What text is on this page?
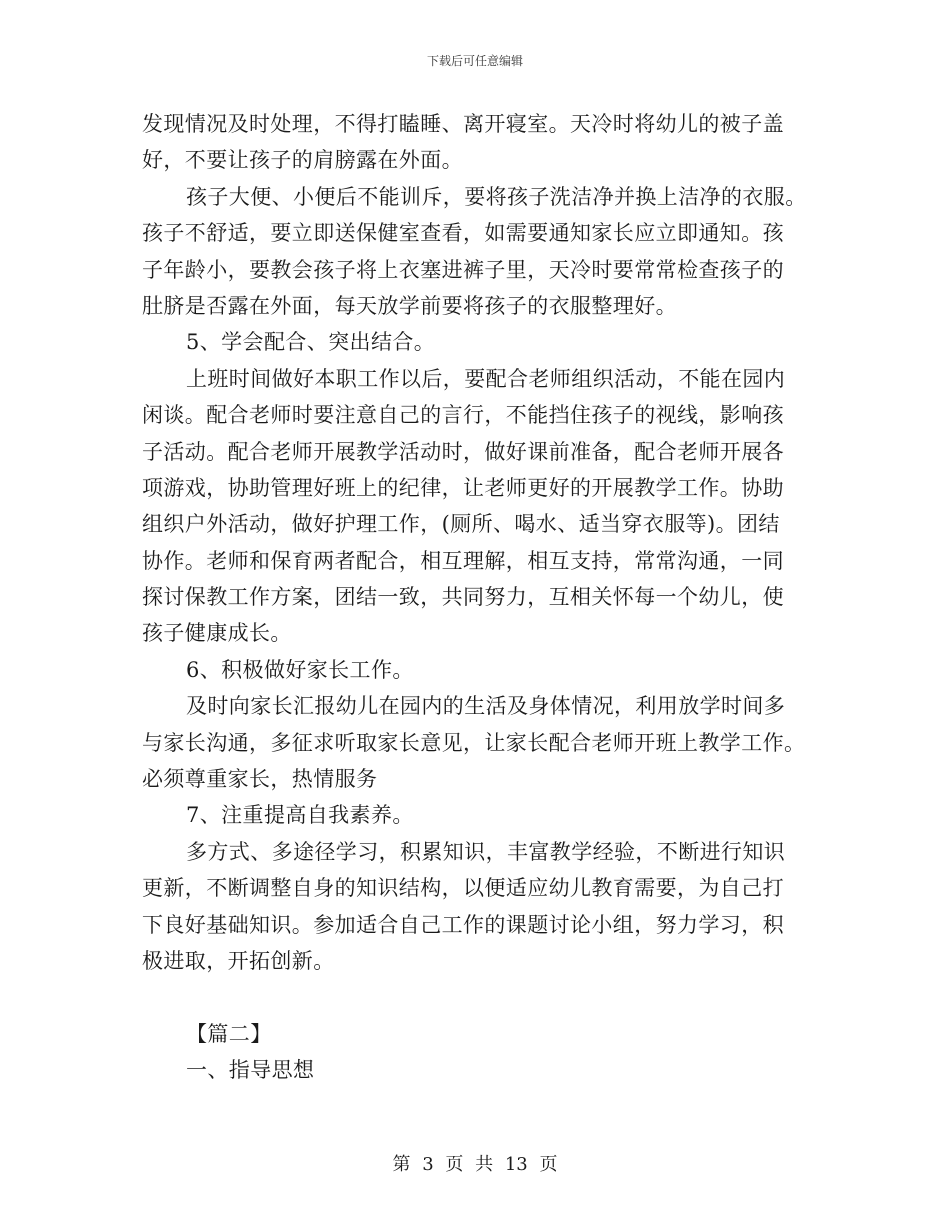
下载后可任意编辑
发现情况及时处理，不得打瞌睡、离开寝室。天冷时将幼儿的被子盖
好，不要让孩子的肩膀露在外面。
孩子大便、小便后不能训斥，要将孩子洗洁净并换上洁净的衣服。
孩子不舒适，要立即送保健室查看，如需要通知家长应立即通知。孩
子年龄小，要教会孩子将上衣塞进裤子里，天冷时要常常检查孩子的
肚脐是否露在外面，每天放学前要将孩子的衣服整理好。
5、学会配合、突出结合。
上班时间做好本职工作以后，要配合老师组织活动，不能在园内
闲谈。配合老师时要注意自己的言行，不能挡住孩子的视线，影响孩
子活动。配合老师开展教学活动时，做好课前准备，配合老师开展各
项游戏，协助管理好班上的纪律，让老师更好的开展教学工作。协助
组织户外活动，做好护理工作，(厕所、喝水、适当穿衣服等)。团结
协作。老师和保育两者配合，相互理解，相互支持，常常沟通，一同
探讨保教工作方案，团结一致，共同努力，互相关怀每一个幼儿，使
孩子健康成长。
6、积极做好家长工作。
及时向家长汇报幼儿在园内的生活及身体情况，利用放学时间多
与家长沟通，多征求听取家长意见，让家长配合老师开班上教学工作。
必须尊重家长，热情服务
7、注重提高自我素养。
多方式、多途径学习，积累知识，丰富教学经验，不断进行知识
更新，不断调整自身的知识结构，以便适应幼儿教育需要，为自己打
下良好基础知识。参加适合自己工作的课题讨论小组，努力学习，积
极进取，开拓创新。
【篇二】
一、指导思想
第 3 页 共 13 页
